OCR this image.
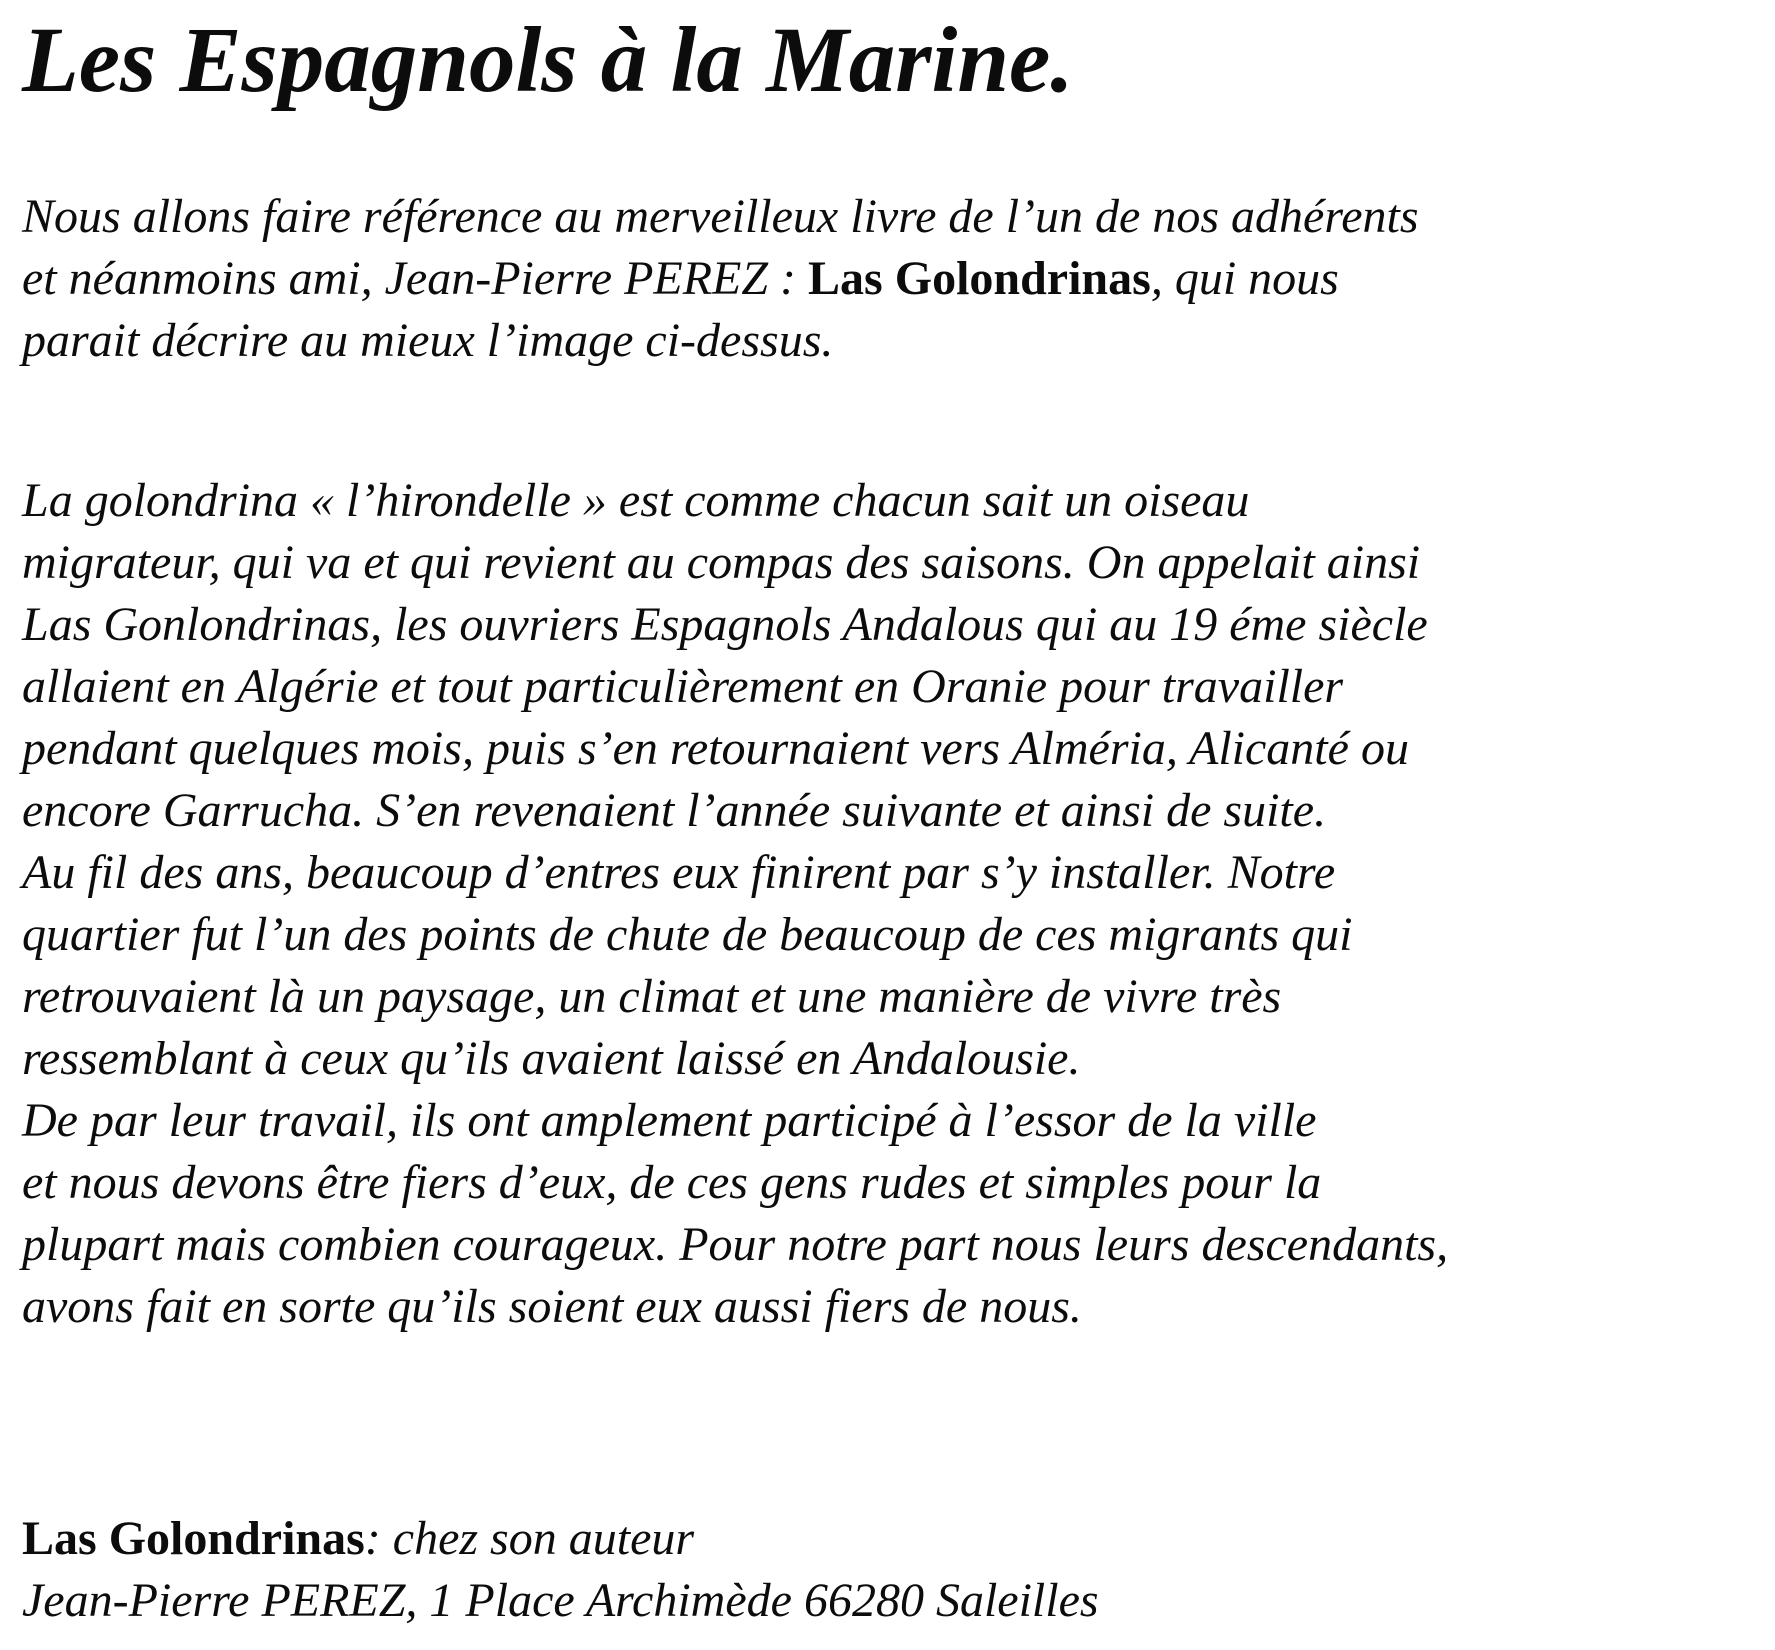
Les Espagnols à la Marine.
Nous allons faire référence au merveilleux livre de l’un de nos adhérents
et néanmoins ami, Jean-Pierre PEREZ : Las Golondrinas, qui nous
parait décrire au mieux l’image ci-dessus.
La golondrina « l’hirondelle » est comme chacun sait un oiseau
migrateur, qui va et qui revient au compas des saisons. On appelait ainsi
Las Gonlondrinas, les ouvriers Espagnols Andalous qui au 19 éme siècle
allaient en Algérie et tout particulièrement en Oranie pour travailler
pendant quelques mois, puis s’en retournaient vers Alméria, Alicanté ou
encore Garrucha. S’en revenaient l’année suivante et ainsi de suite.
Au fil des ans, beaucoup d’entres eux finirent par s’y installer. Notre
quartier fut l’un des points de chute de beaucoup de ces migrants qui
retrouvaient là un paysage, un climat et une manière de vivre très
ressemblant à ceux qu’ils avaient laissé en Andalousie.
De par leur travail, ils ont amplement participé à l’essor de la ville
et nous devons être fiers d’eux, de ces gens rudes et simples pour la
plupart mais combien courageux. Pour notre part nous leurs descendants,
avons fait en sorte qu’ils soient eux aussi fiers de nous.
Las Golondrinas: chez son auteur
Jean-Pierre PEREZ, 1 Place Archimède 66280 Saleilles
